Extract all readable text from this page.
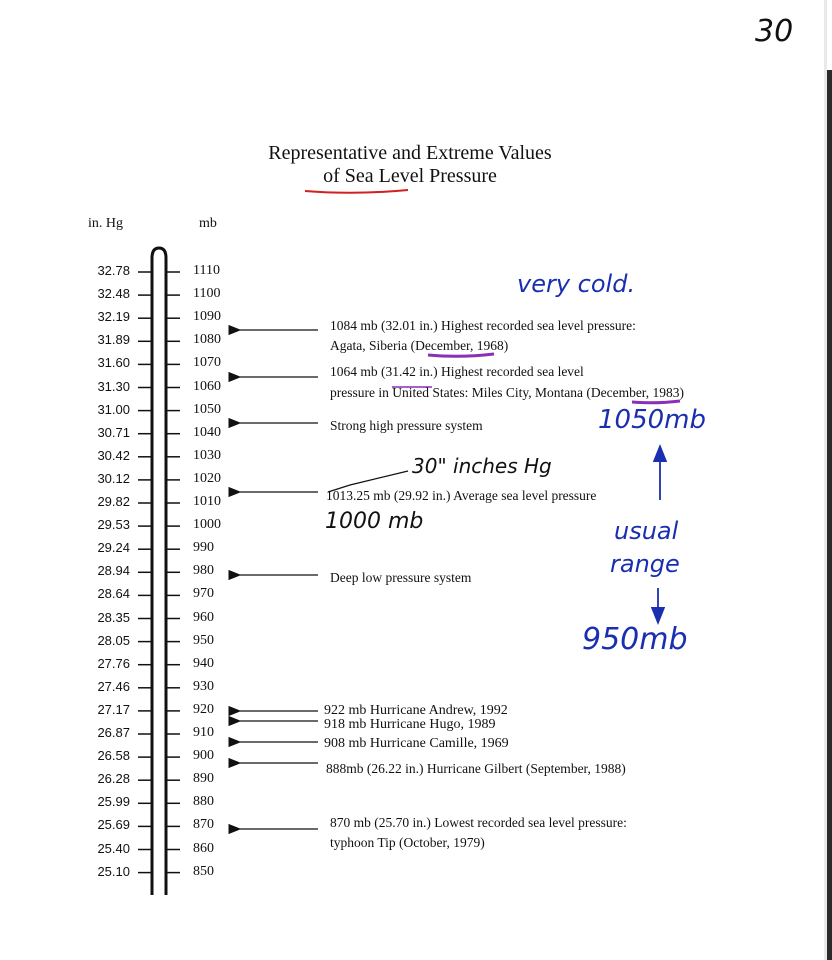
30
Representative and Extreme Values
of Sea Level Pressure
in. Hg	mb
32.78	1110
32.48	1100
32.19	1090
31.89	1080
31.60	1070
31.30	1060
31.00	1050
30.71	1040
30.42	1030
30.12	1020
29.82	1010
29.53	1000
29.24	990
28.94	980
28.64	970
28.35	960
28.05	950
27.76	940
27.46	930
27.17	920
26.87	910
26.58	900
26.28	890
25.99	880
25.69	870
25.40	860
25.10	850
1084 mb (32.01 in.) Highest recorded sea level pressure:
Agata, Siberia (December, 1968)
1064 mb (31.42 in.) Highest recorded sea level
pressure in United States: Miles City, Montana (December, 1983)
Strong high pressure system
1013.25 mb (29.92 in.) Average sea level pressure
Deep low pressure system
922 mb Hurricane Andrew, 1992
918 mb Hurricane Hugo, 1989
908 mb Hurricane Camille, 1969
888mb (26.22 in.) Hurricane Gilbert (September, 1988)
870 mb (25.70 in.) Lowest recorded sea level pressure:
typhoon Tip (October, 1979)
very cold.
30" inches Hg
1000 mb
1050mb
usual
range
950mb
